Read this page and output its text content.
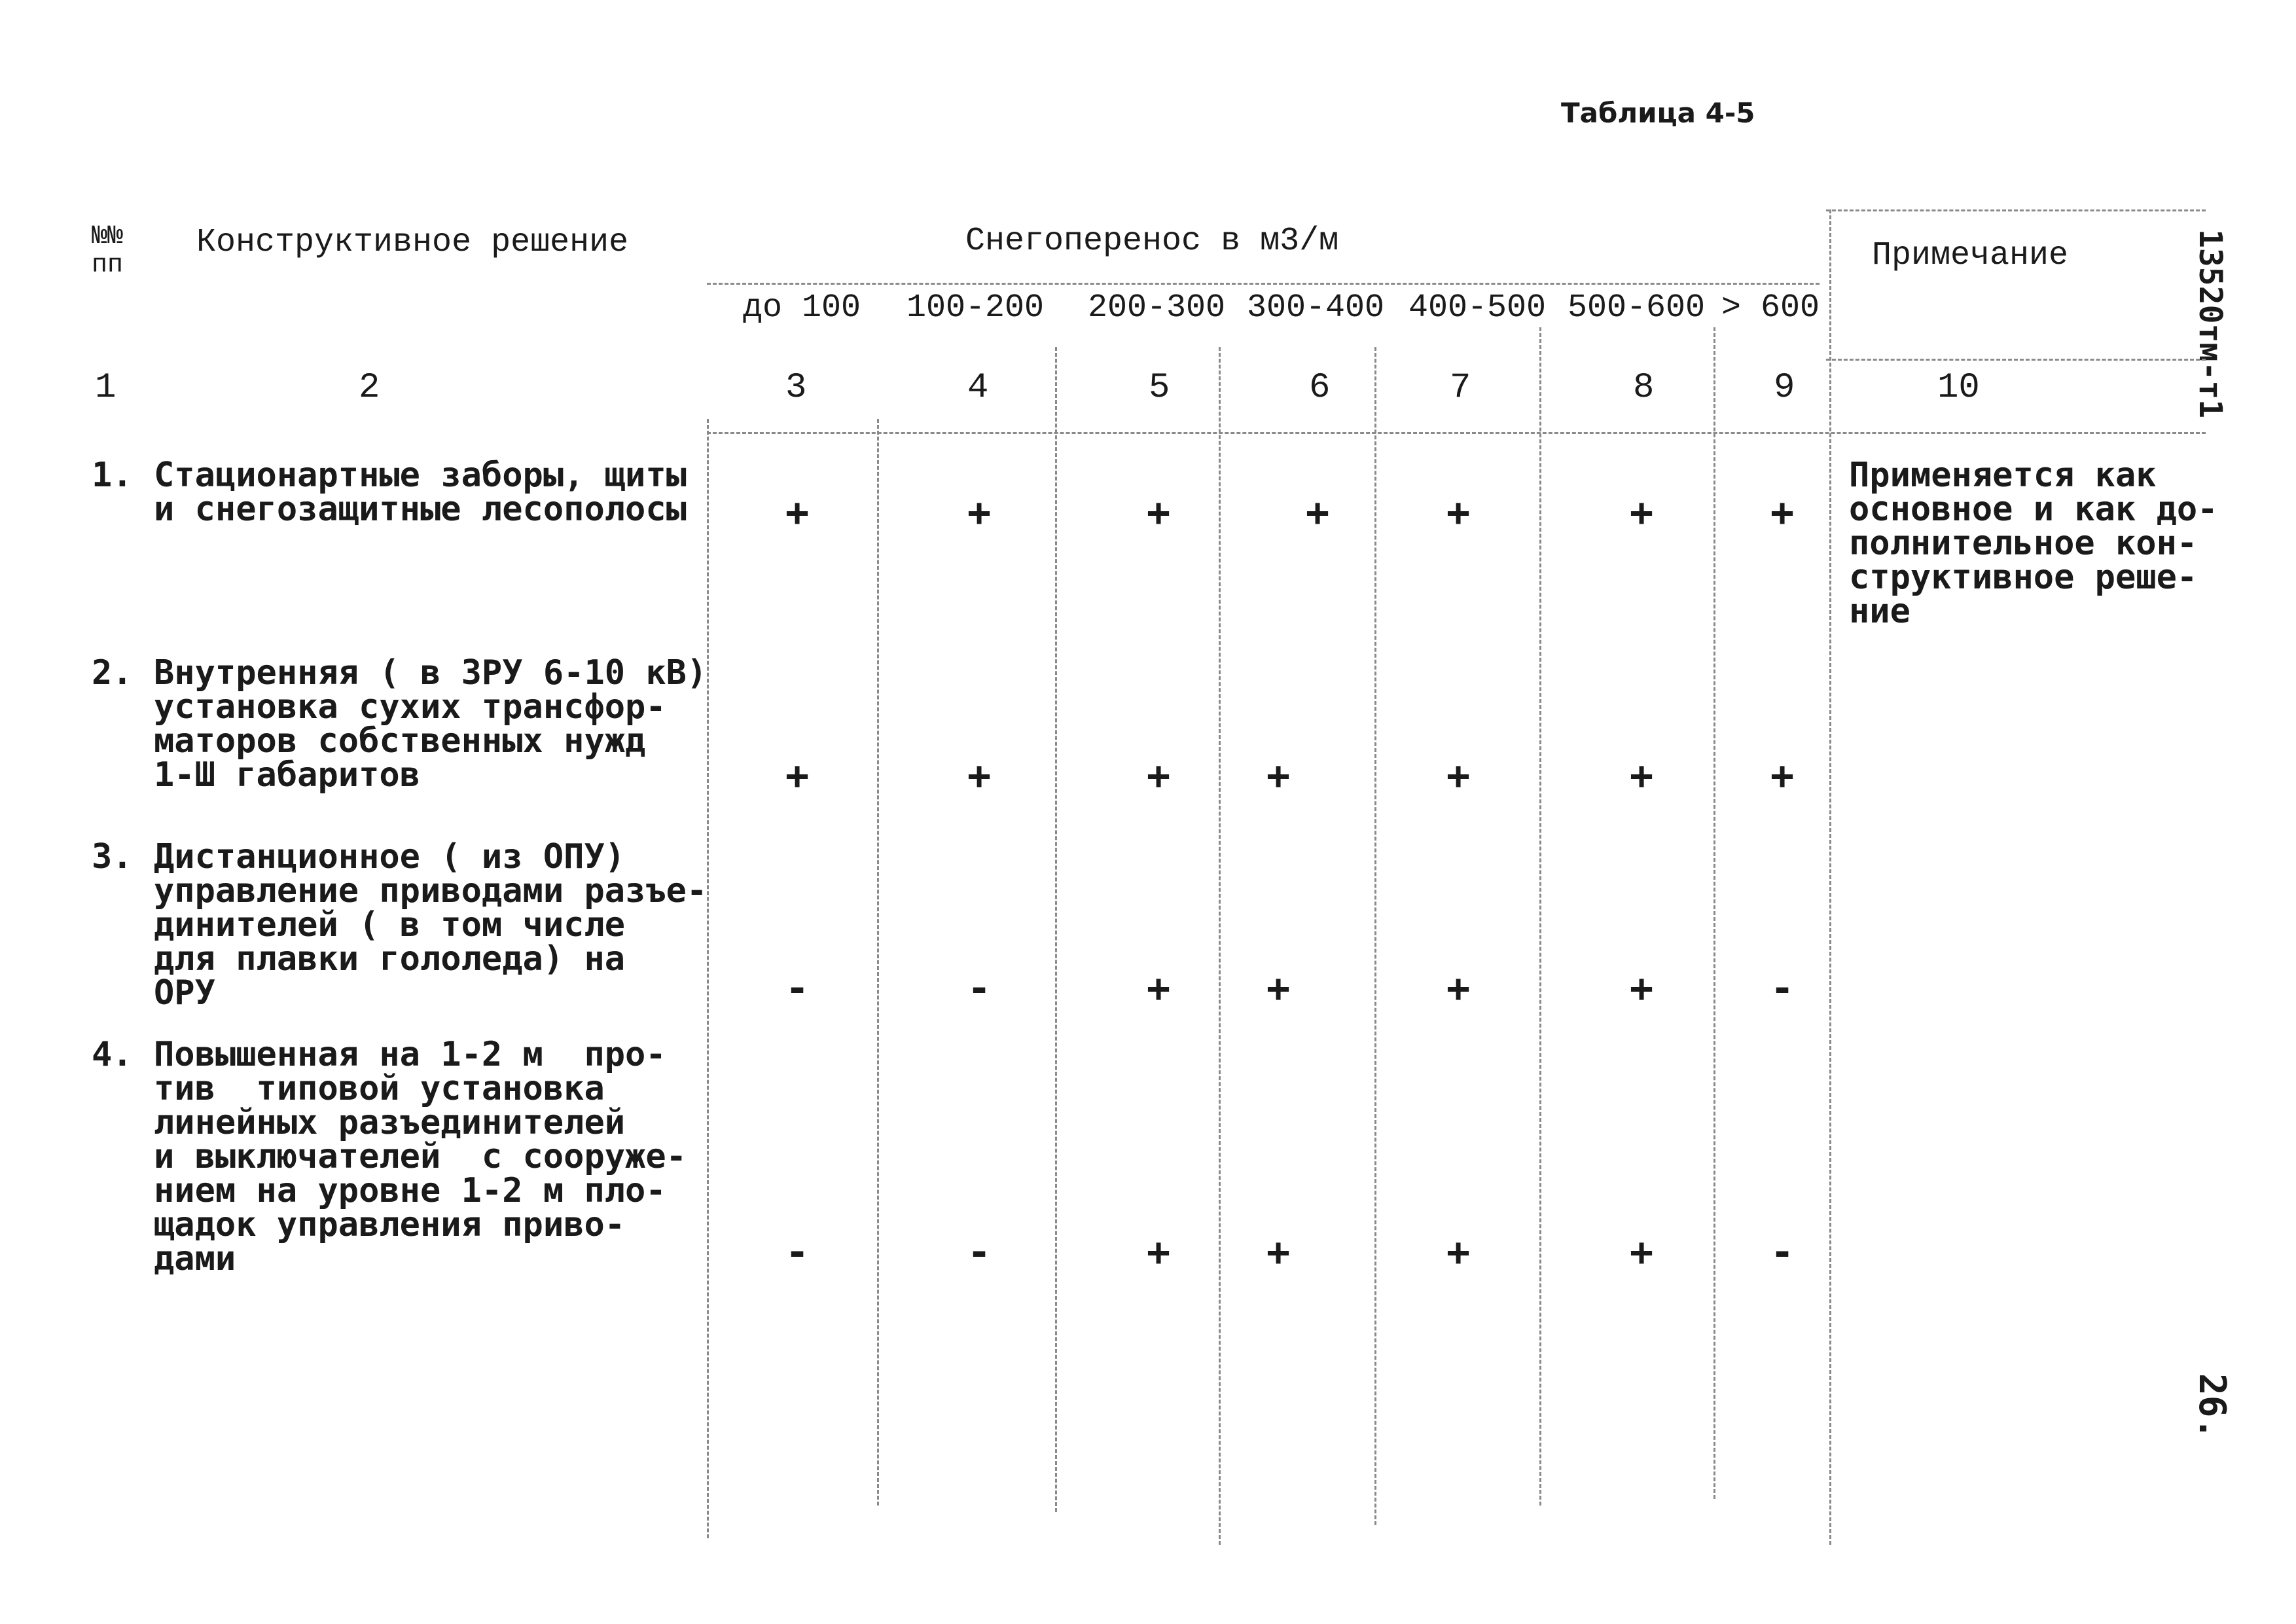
Таблица 4-5
13520тм-т1
26.
№№
пп
Конструктивное решение	Снегоперенос в м3/м	Примечание
до 100 100-200 200-300 300-400 400-500 500-600 > 600
1	2	3	4	5	6	7	8	9	10
1. Стационартные заборы, щиты
и снегозащитные лесополосы	+	+	+	+	+	+	+
Применяется как
основное и как до-
полнительное кон-
структивное реше-
ние
2. Внутренняя ( в ЗРУ 6-10 кВ)
установка сухих трансфор-
маторов собственных нужд
1-Ш габаритов	+	+	+ +	+	+	+
3. Дистанционное ( из ОПУ)
управление приводами разъе-
динителей ( в том числе
для плавки гололеда) на
ОРУ	-	-	+ +	+	+	-
4. Повышенная на 1-2 м  про-
тив  типовой установка
линейных разъединителей
и выключателей  с сооруже-
нием на уровне 1-2 м пло-
щадок управления приво-
дами	-	-	+ +	+	+	-
